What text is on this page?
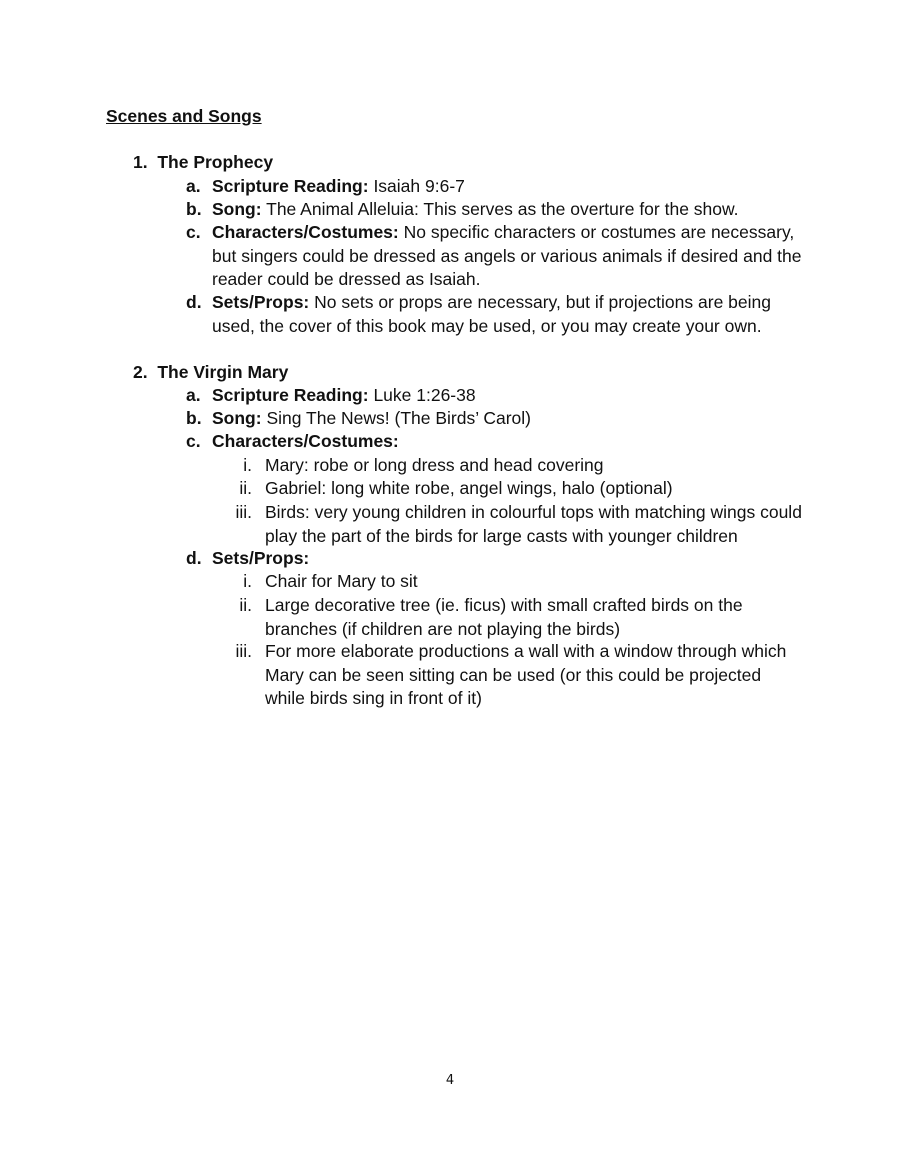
Scenes and Songs
1. The Prophecy
a. Scripture Reading: Isaiah 9:6-7
b. Song: The Animal Alleluia: This serves as the overture for the show.
c. Characters/Costumes: No specific characters or costumes are necessary, but singers could be dressed as angels or various animals if desired and the reader could be dressed as Isaiah.
d. Sets/Props: No sets or props are necessary, but if projections are being used, the cover of this book may be used, or you may create your own.
2. The Virgin Mary
a. Scripture Reading: Luke 1:26-38
b. Song: Sing The News! (The Birds’ Carol)
c. Characters/Costumes:
i. Mary: robe or long dress and head covering
ii. Gabriel: long white robe, angel wings, halo (optional)
iii. Birds: very young children in colourful tops with matching wings could play the part of the birds for large casts with younger children
d. Sets/Props:
i. Chair for Mary to sit
ii. Large decorative tree (ie. ficus) with small crafted birds on the branches (if children are not playing the birds)
iii. For more elaborate productions a wall with a window through which Mary can be seen sitting can be used (or this could be projected while birds sing in front of it)
4
